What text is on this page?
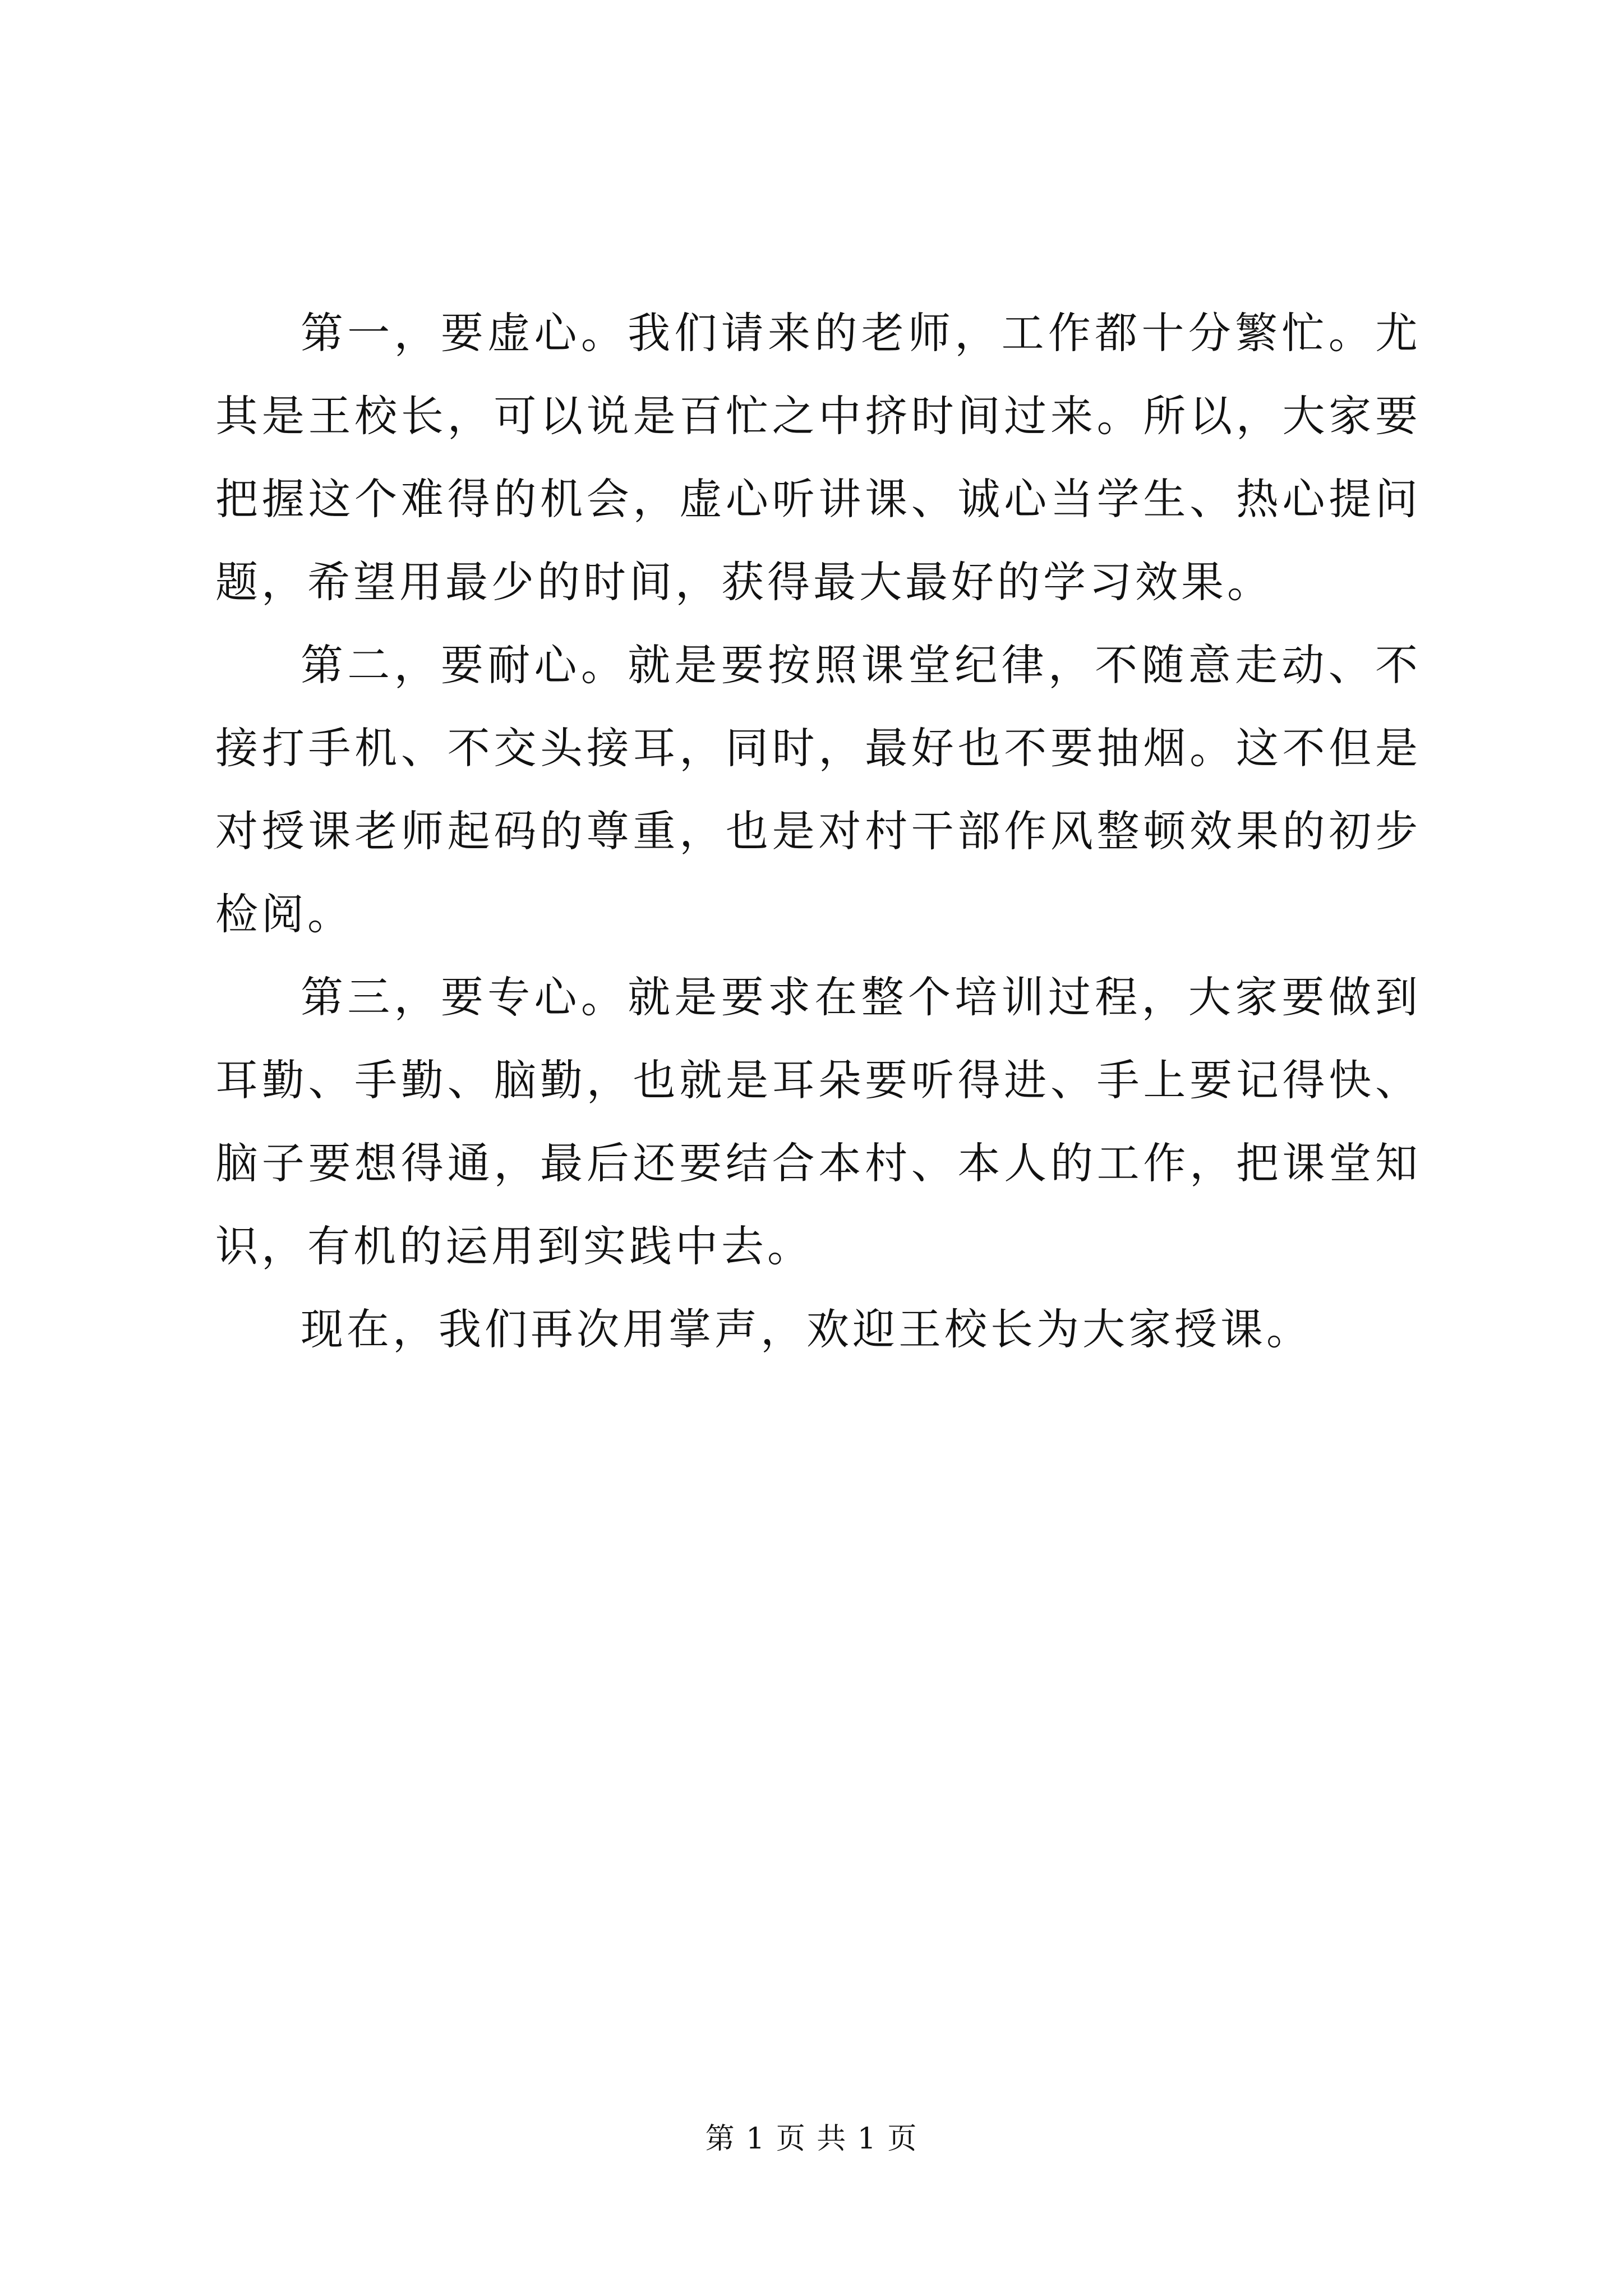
第一，要虚心。我们请来的老师，工作都十分繁忙。尤其是王校长，可以说是百忙之中挤时间过来。所以，大家要把握这个难得的机会，虚心听讲课、诚心当学生、热心提问题，希望用最少的时间，获得最大最好的学习效果。

第二，要耐心。就是要按照课堂纪律，不随意走动、不接打手机、不交头接耳，同时，最好也不要抽烟。这不但是对授课老师起码的尊重，也是对村干部作风整顿效果的初步检阅。

第三，要专心。就是要求在整个培训过程，大家要做到耳勤、手勤、脑勤，也就是耳朵要听得进、手上要记得快、脑子要想得通，最后还要结合本村、本人的工作，把课堂知识，有机的运用到实践中去。

现在，我们再次用掌声，欢迎王校长为大家授课。

第 1 页 共 1 页
